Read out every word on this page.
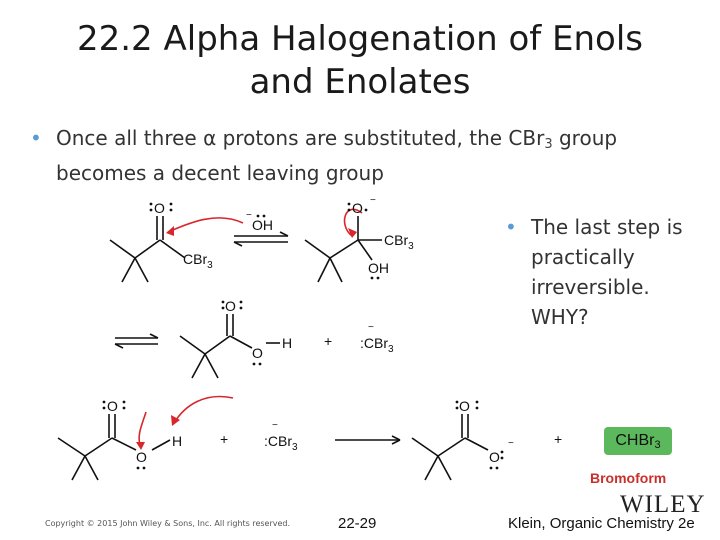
22.2 Alpha Halogenation of Enols and Enolates
• Once all three α protons are substituted, the CBr$_3$ group becomes a decent leaving group
• The last step is practically irreversible. WHY?
O
CBr$_3$
OH
−	O −
CBr$_3$
OH
O
O
H +
−
:CBr$_3$
O
O
H	+
−
:CBr$_3$
O
O
−	+	CHBr3
Bromoform
WILEY
Copyright © 2015 John Wiley & Sons, Inc. All rights reserved.	22-29	Klein, Organic Chemistry 2e
